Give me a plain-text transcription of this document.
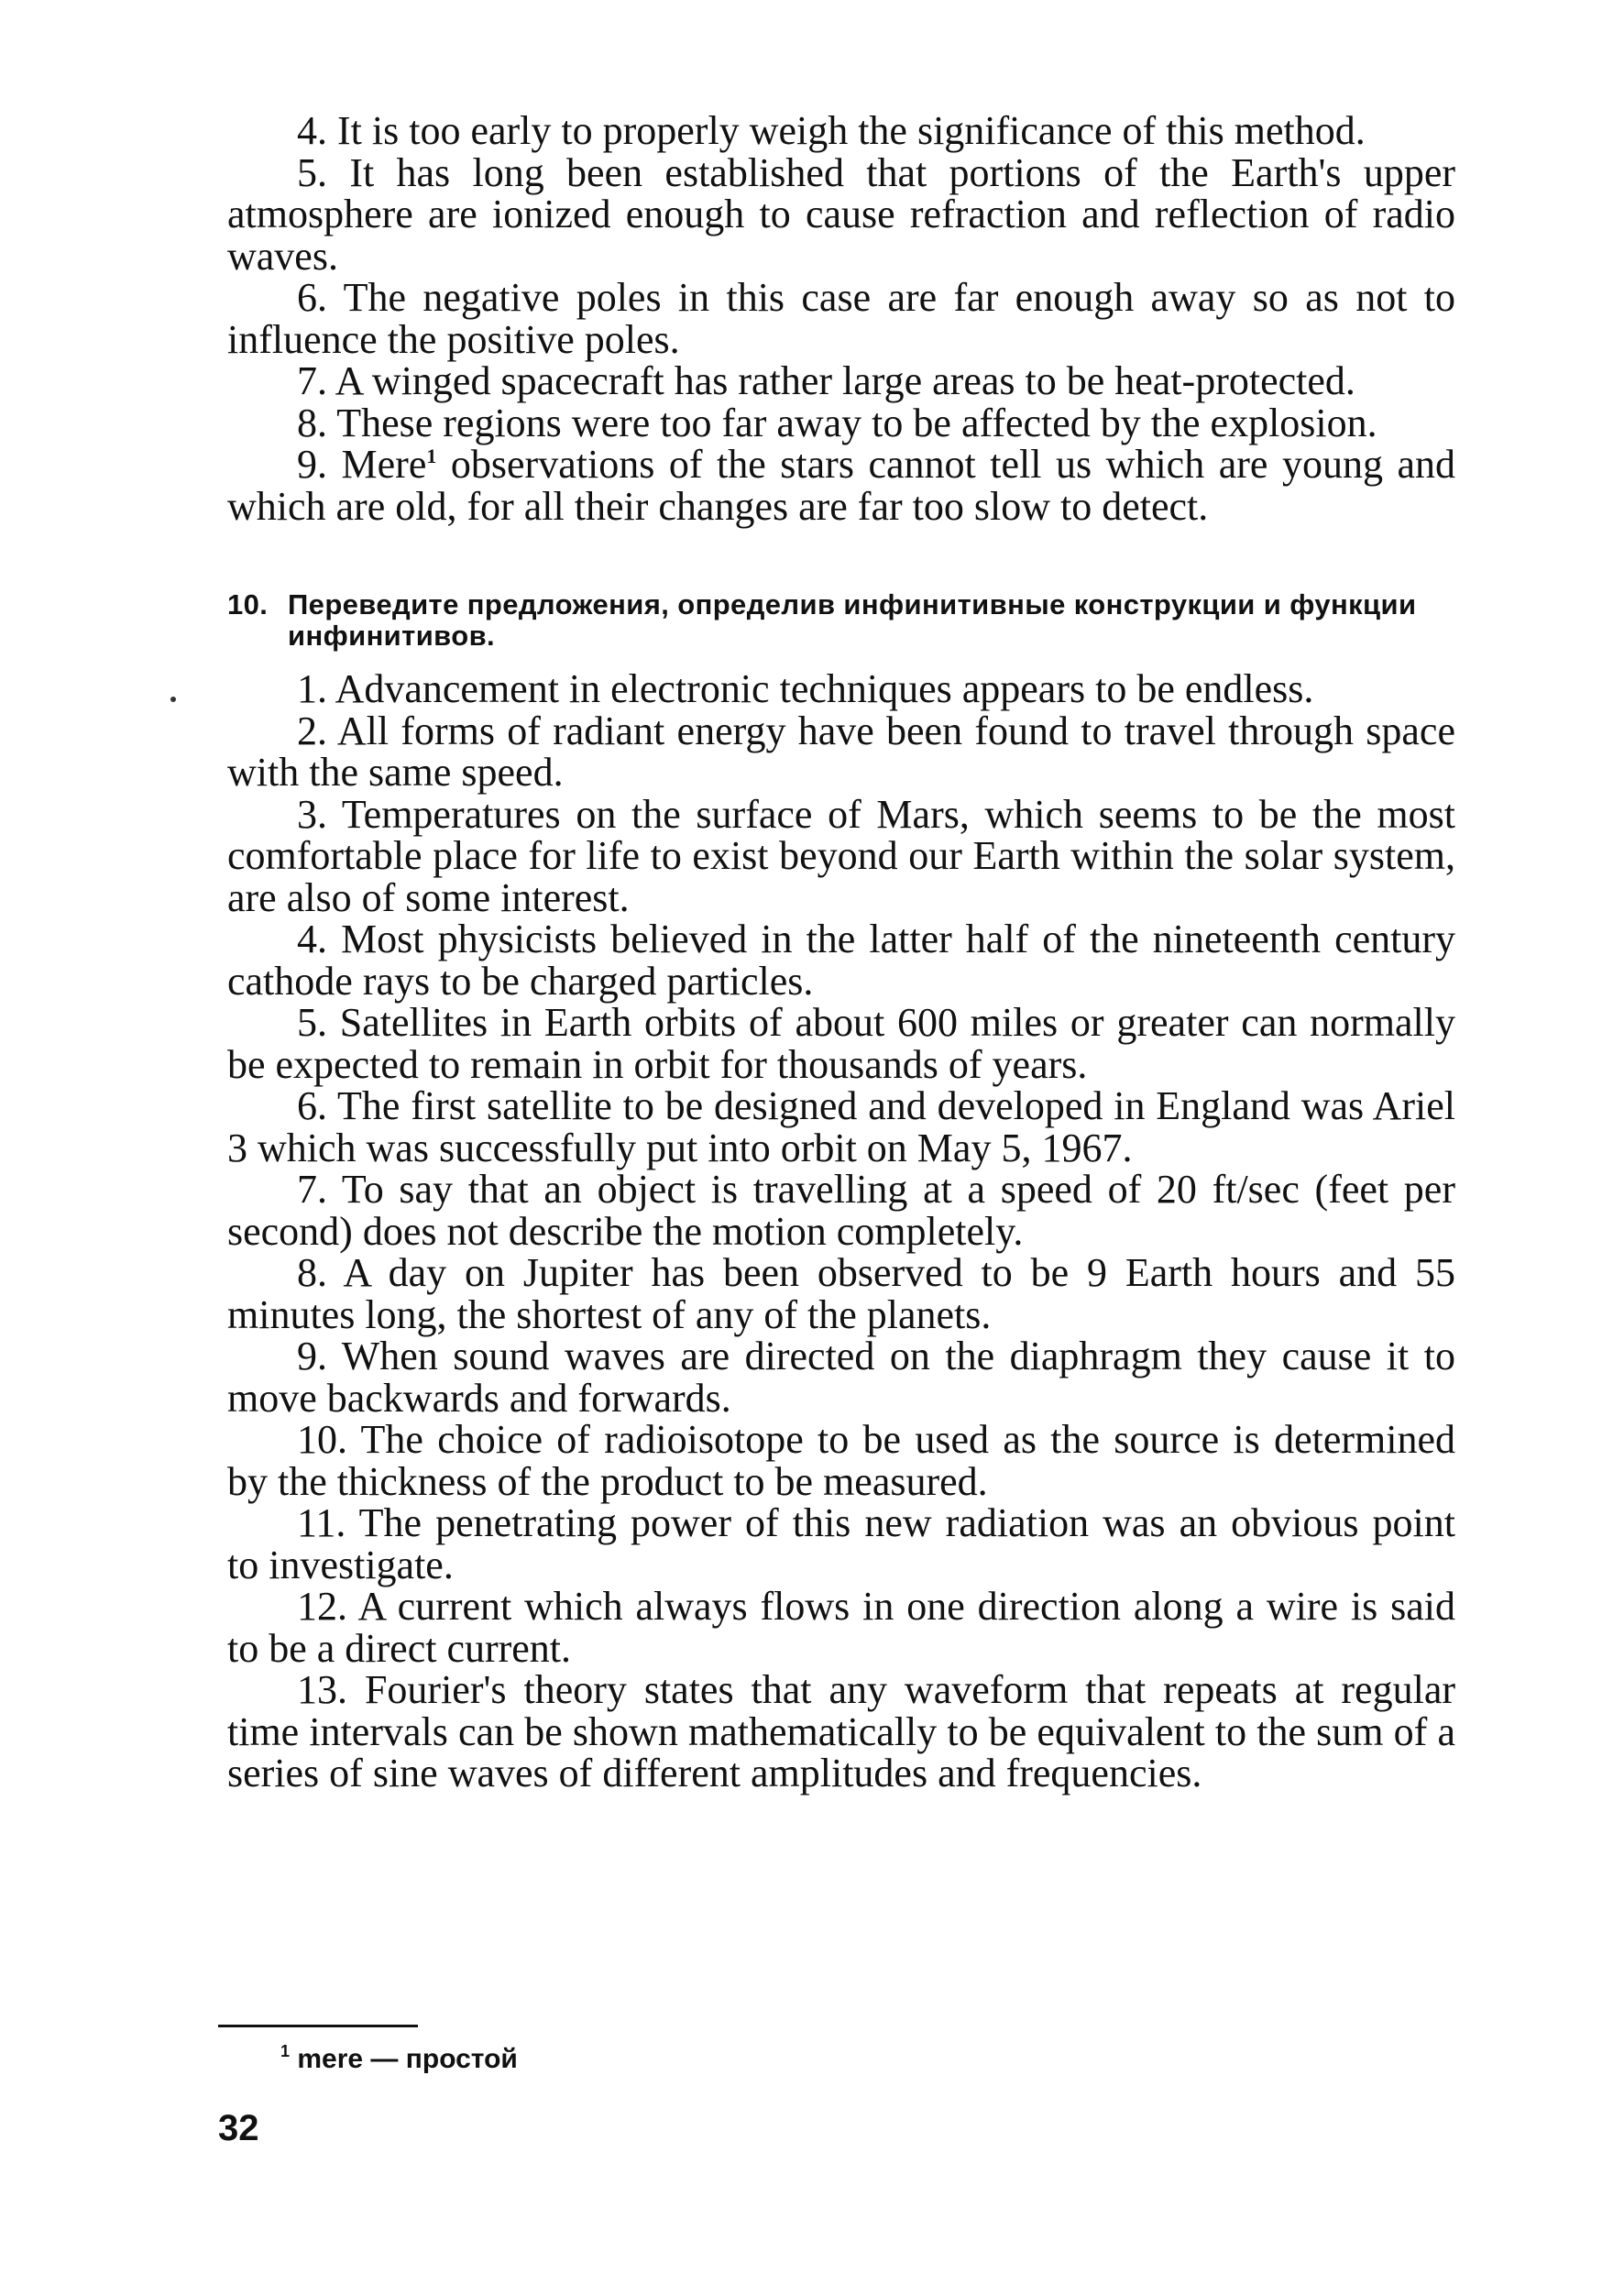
4. It is too early to properly weigh the significance of this method.

5. It has long been established that portions of the Earth's upper atmosphere are ionized enough to cause refraction and reflection of radio waves.

6. The negative poles in this case are far enough away so as not to influence the positive poles.

7. A winged spacecraft has rather large areas to be heat-protected.

8. These regions were too far away to be affected by the explosion.

9. Mere$^1$ observations of the stars cannot tell us which are young and which are old, for all their changes are far too slow to detect.

10. Переведите предложения, определив инфинитивные конструкции и функции инфинитивов.

1. Advancement in electronic techniques appears to be endless.

2. All forms of radiant energy have been found to travel through space with the same speed.

3. Temperatures on the surface of Mars, which seems to be the most comfortable place for life to exist beyond our Earth within the solar system, are also of some interest.

4. Most physicists believed in the latter half of the nineteenth century cathode rays to be charged particles.

5. Satellites in Earth orbits of about 600 miles or greater can normally be expected to remain in orbit for thousands of years.

6. The first satellite to be designed and developed in England was Ariel 3 which was successfully put into orbit on May 5, 1967.

7. To say that an object is travelling at a speed of 20 ft/sec (feet per second) does not describe the motion completely.

8. A day on Jupiter has been observed to be 9 Earth hours and 55 minutes long, the shortest of any of the planets.

9. When sound waves are directed on the diaphragm they cause it to move backwards and forwards.

10. The choice of radioisotope to be used as the source is determined by the thickness of the product to be measured.

11. The penetrating power of this new radiation was an obvious point to investigate.

12. A current which always flows in one direction along a wire is said to be a direct current.

13. Fourier's theory states that any waveform that repeats at regular time intervals can be shown mathematically to be equivalent to the sum of a series of sine waves of different amplitudes and frequencies.

$^1$ mere — простой
32
